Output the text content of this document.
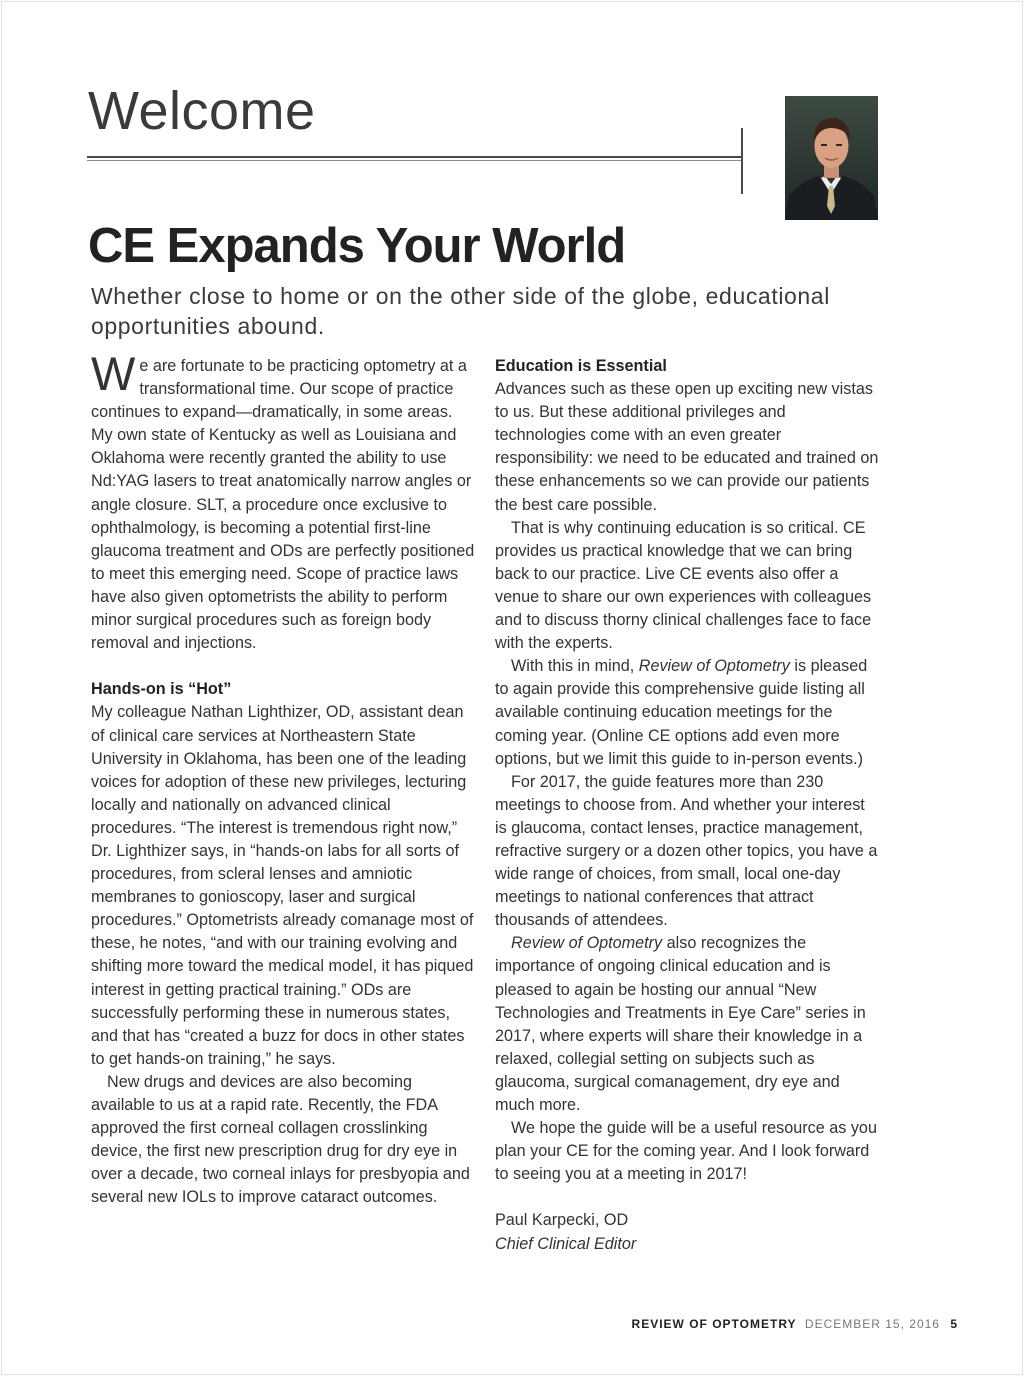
Welcome
CE Expands Your World

Whether close to home or on the other side of the globe, educational opportunities abound.

We are fortunate to be practicing optometry at a transformational time. Our scope of practice continues to expand—dramatically, in some areas. My own state of Kentucky as well as Louisiana and Oklahoma were recently granted the ability to use Nd:YAG lasers to treat anatomically narrow angles or angle closure. SLT, a procedure once exclusive to ophthalmology, is becoming a potential first-line glaucoma treatment and ODs are perfectly positioned to meet this emerging need. Scope of practice laws have also given optometrists the ability to perform minor surgical procedures such as foreign body removal and injections.

Hands-on is “Hot”

My colleague Nathan Lighthizer, OD, assistant dean of clinical care services at Northeastern State University in Oklahoma, has been one of the leading voices for adoption of these new privileges, lecturing locally and nationally on advanced clinical procedures. “The interest is tremendous right now,” Dr. Lighthizer says, in “hands-on labs for all sorts of procedures, from scleral lenses and amniotic membranes to gonioscopy, laser and surgical procedures.” Optometrists already comanage most of these, he notes, “and with our training evolving and shifting more toward the medical model, it has piqued interest in getting practical training.” ODs are successfully performing these in numerous states, and that has “created a buzz for docs in other states to get hands-on training,” he says.

New drugs and devices are also becoming available to us at a rapid rate. Recently, the FDA approved the first corneal collagen crosslinking device, the first new prescription drug for dry eye in over a decade, two corneal inlays for presbyopia and several new IOLs to improve cataract outcomes.

Education is Essential

Advances such as these open up exciting new vistas to us. But these additional privileges and technologies come with an even greater responsibility: we need to be educated and trained on these enhancements so we can provide our patients the best care possible.

That is why continuing education is so critical. CE provides us practical knowledge that we can bring back to our practice. Live CE events also offer a venue to share our own experiences with colleagues and to discuss thorny clinical challenges face to face with the experts.

With this in mind, Review of Optometry is pleased to again provide this comprehensive guide listing all available continuing education meetings for the coming year. (Online CE options add even more options, but we limit this guide to in-person events.)

For 2017, the guide features more than 230 meetings to choose from. And whether your interest is glaucoma, contact lenses, practice management, refractive surgery or a dozen other topics, you have a wide range of choices, from small, local one-day meetings to national conferences that attract thousands of attendees.

Review of Optometry also recognizes the importance of ongoing clinical education and is pleased to again be hosting our annual “New Technologies and Treatments in Eye Care” series in 2017, where experts will share their knowledge in a relaxed, collegial setting on subjects such as glaucoma, surgical comanagement, dry eye and much more.

We hope the guide will be a useful resource as you plan your CE for the coming year. And I look forward to seeing you at a meeting in 2017!

Paul Karpecki, OD

Chief Clinical Editor

REVIEW OF OPTOMETRY DECEMBER 15, 2016 5
